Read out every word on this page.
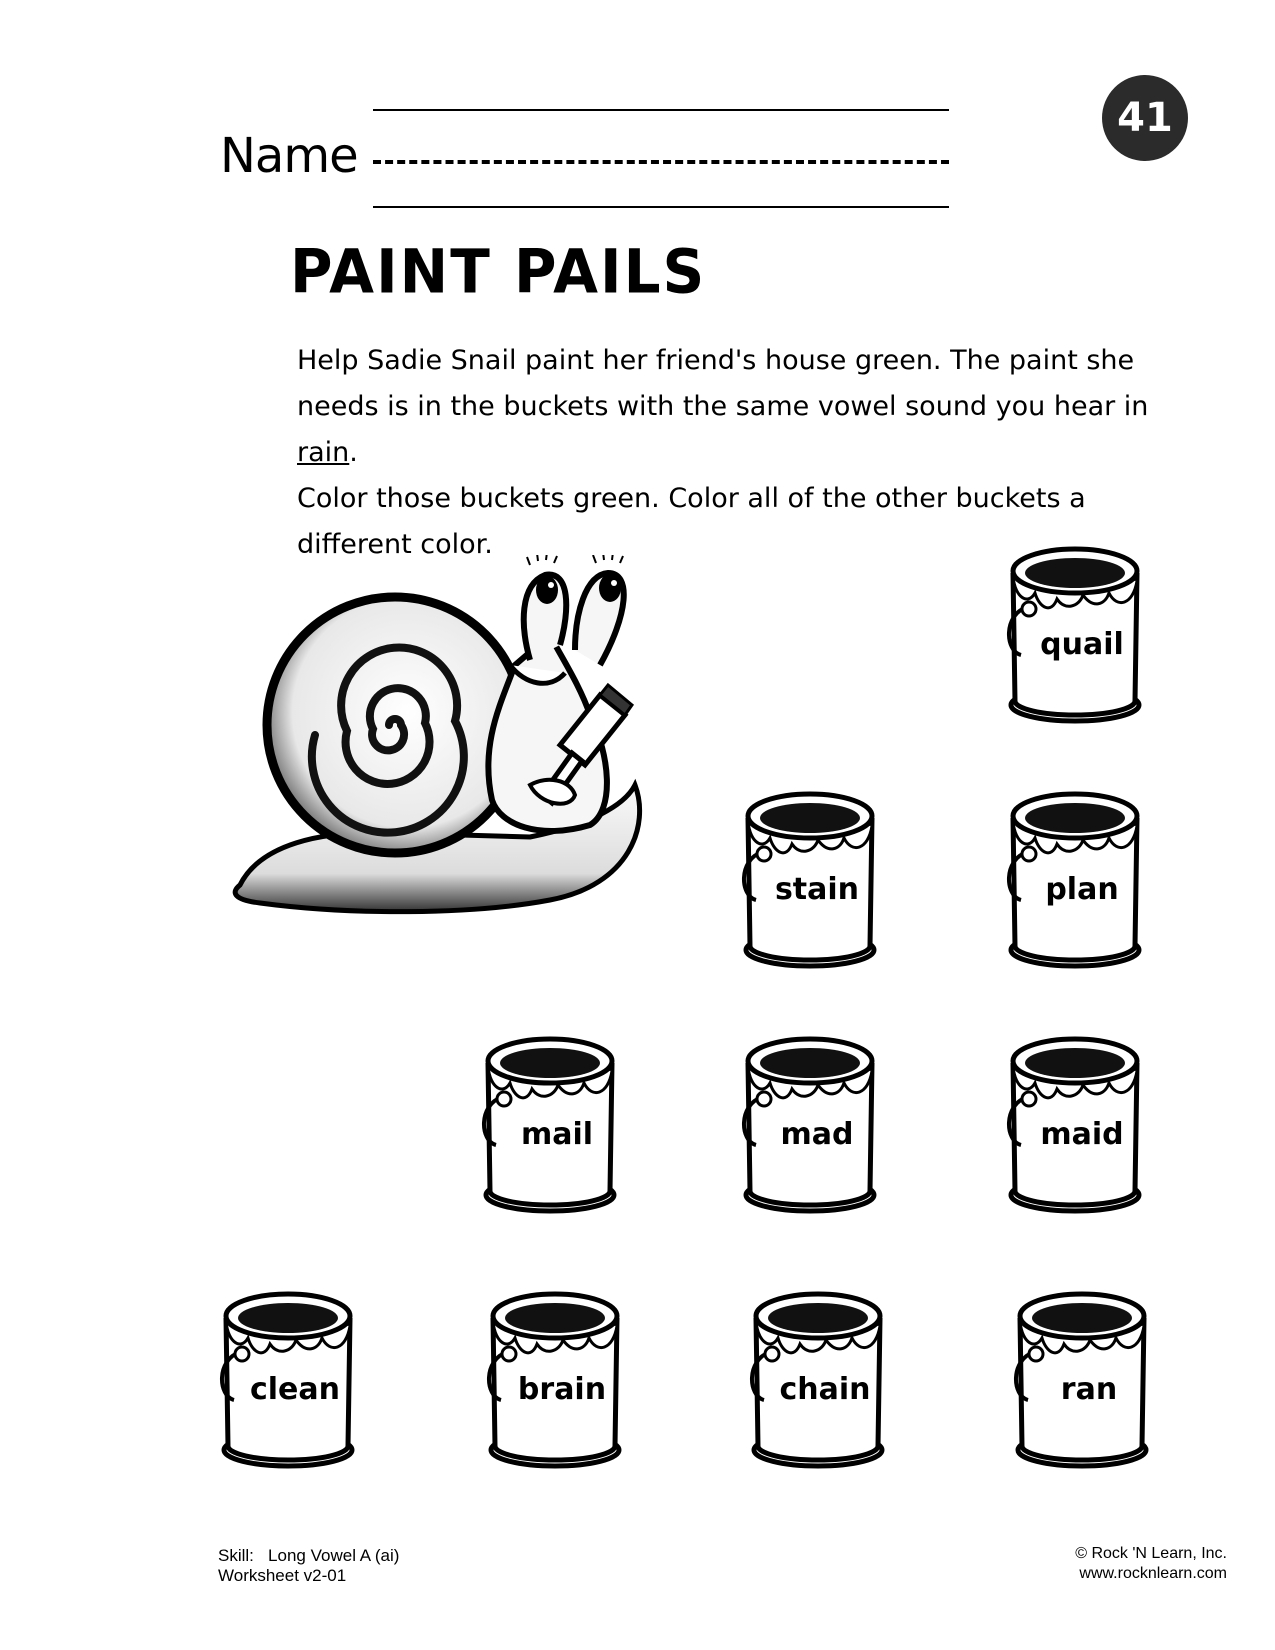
41
Name
PAINT PAILS

Help Sadie Snail paint her friend's house green. The paint she
needs is in the buckets with the same vowel sound you hear in rain.
Color those buckets green. Color all of the other buckets a
different color.

quail
stain	plan
mail	mad	maid
clean	brain	chain	ran
Skill:   Long Vowel A (ai)
Worksheet v2-01
© Rock 'N Learn, Inc.
www.rocknlearn.com
